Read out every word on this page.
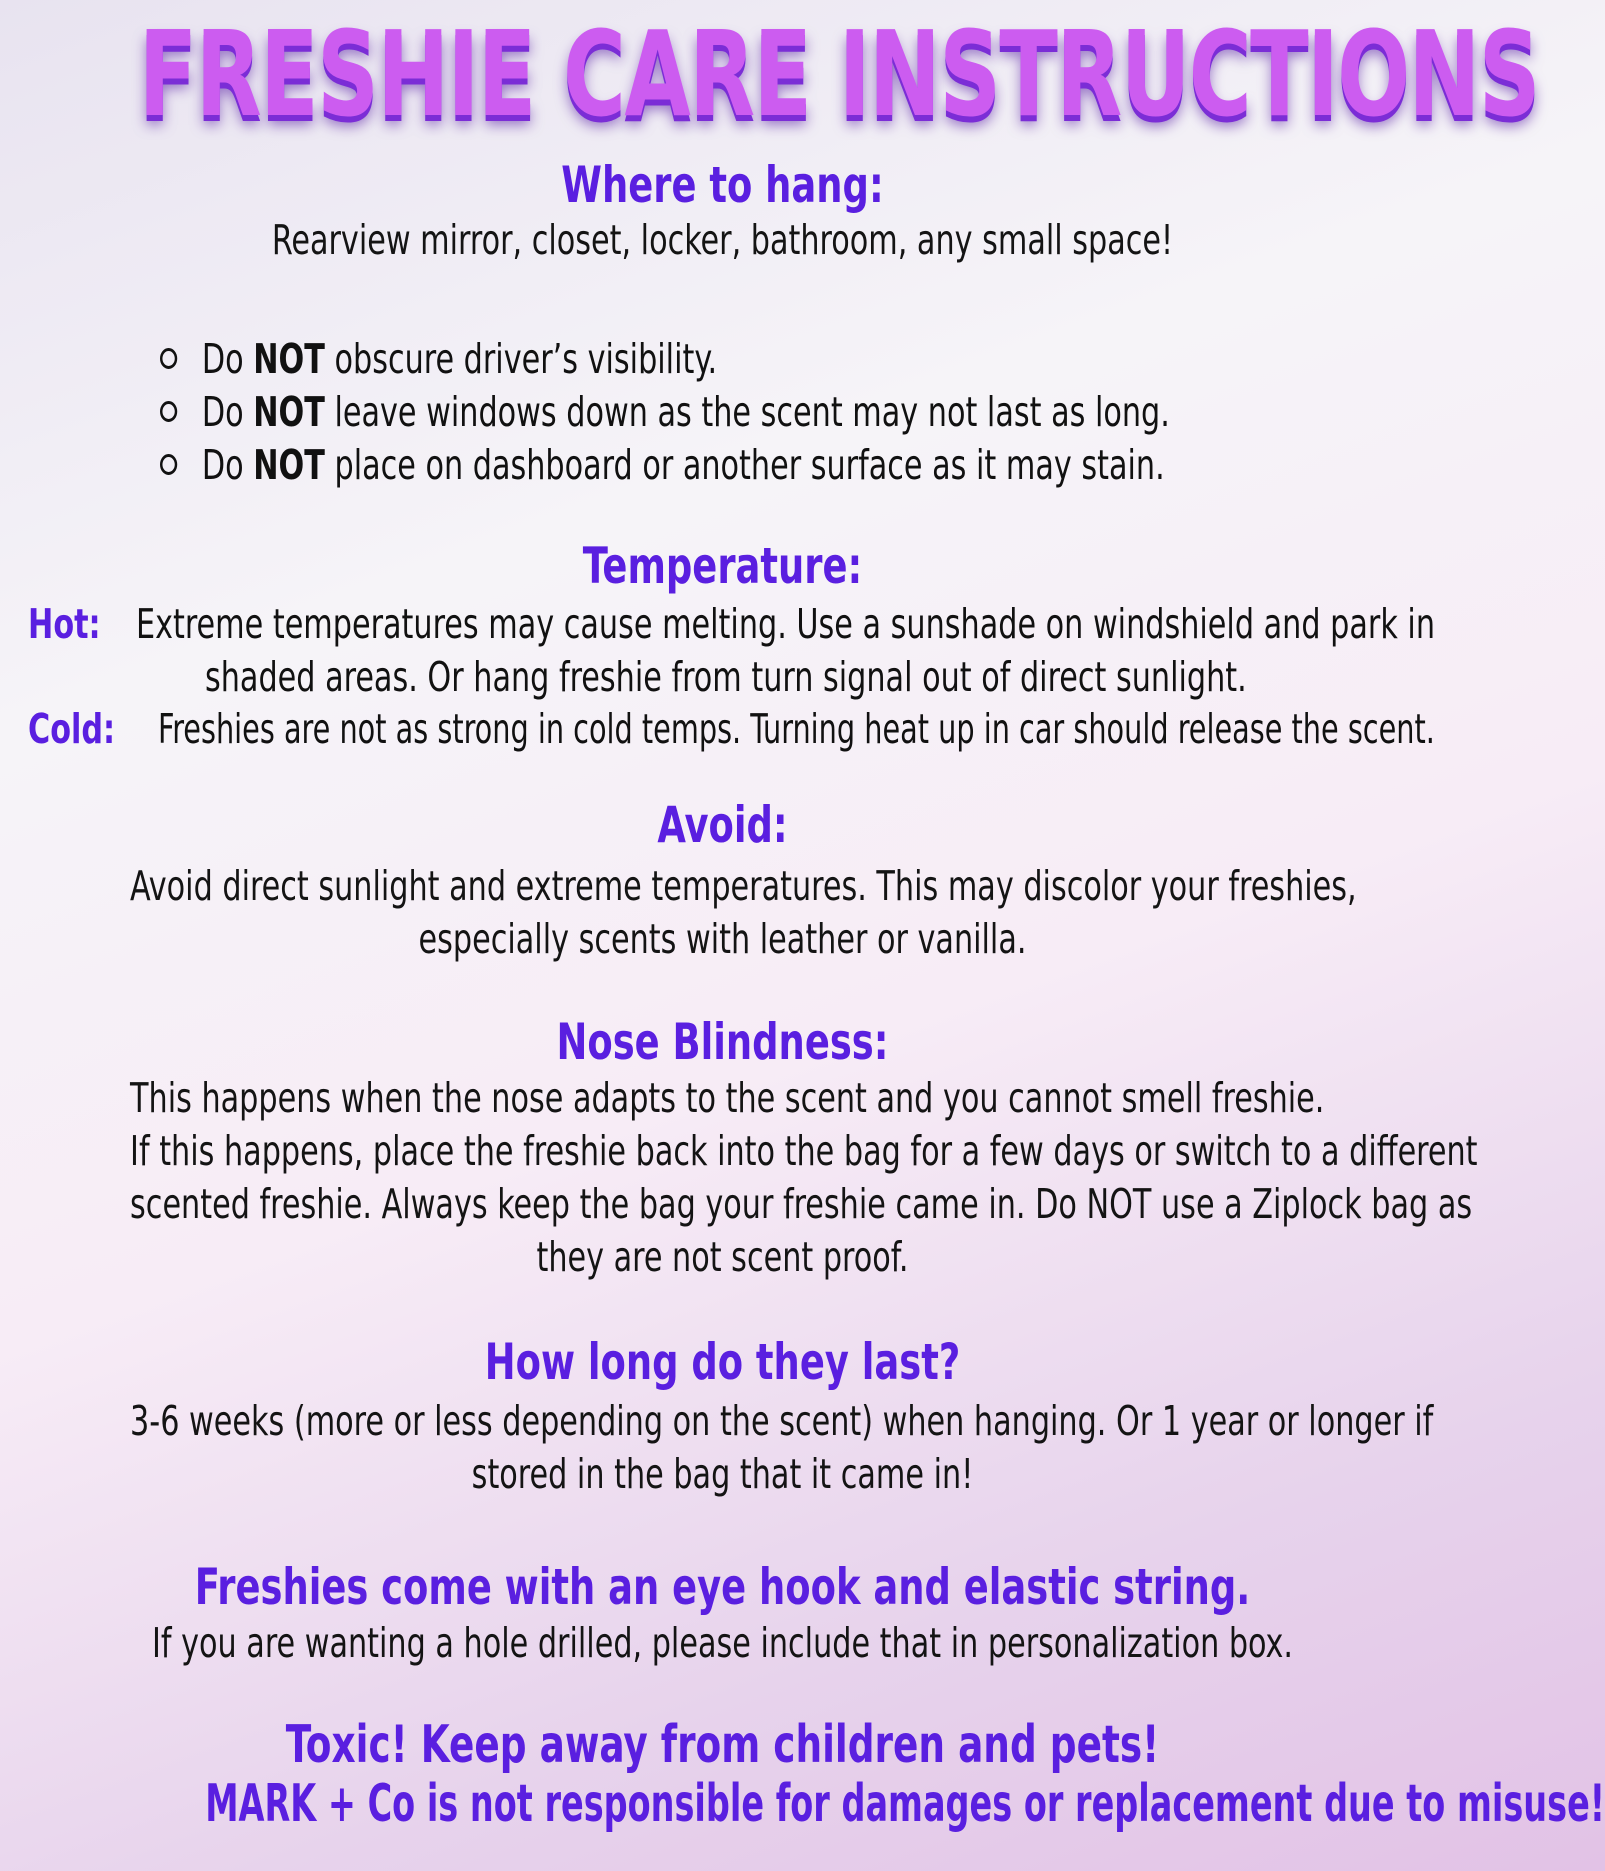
FRESHIE CARE INSTRUCTIONS
Where to hang:
Rearview mirror, closet, locker, bathroom, any small space!
Do NOT obscure driver’s visibility.
Do NOT leave windows down as the scent may not last as long.
Do NOT place on dashboard or another surface as it may stain.
Temperature:
Hot: Extreme temperatures may cause melting. Use a sunshade on windshield and park in
shaded areas. Or hang freshie from turn signal out of direct sunlight.
Cold: Freshies are not as strong in cold temps. Turning heat up in car should release the scent.
Avoid:
Avoid direct sunlight and extreme temperatures. This may discolor your freshies,
especially scents with leather or vanilla.
Nose Blindness:
This happens when the nose adapts to the scent and you cannot smell freshie.
If this happens, place the freshie back into the bag for a few days or switch to a different
scented freshie. Always keep the bag your freshie came in. Do NOT use a Ziplock bag as
they are not scent proof.
How long do they last?
3-6 weeks (more or less depending on the scent) when hanging. Or 1 year or longer if
stored in the bag that it came in!
Freshies come with an eye hook and elastic string.
If you are wanting a hole drilled, please include that in personalization box.
Toxic! Keep away from children and pets!
MARK + Co is not responsible for damages or replacement due to misuse!
